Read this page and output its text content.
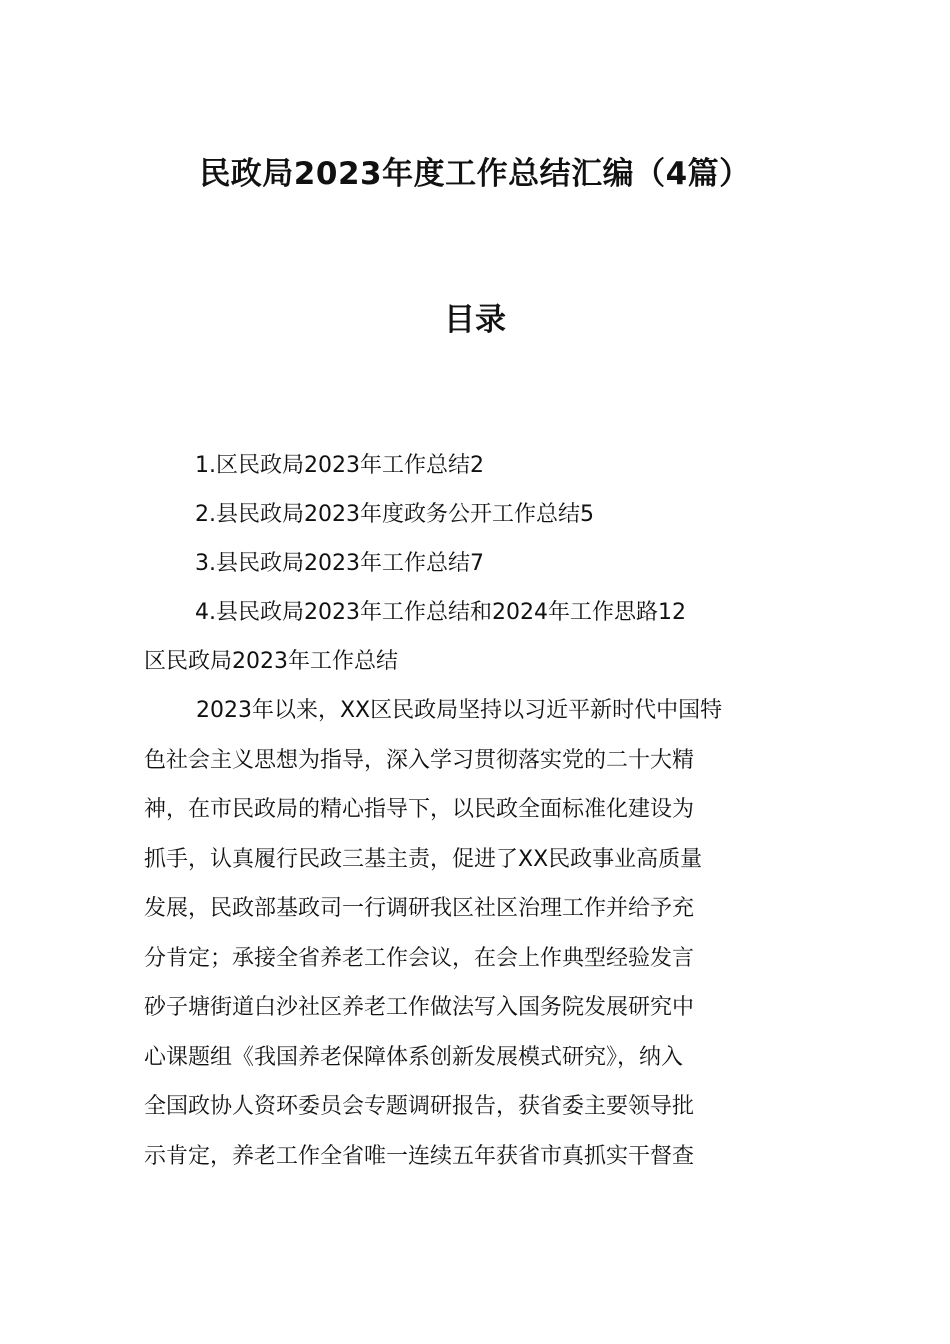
民政局2023年度工作总结汇编（4篇）
目录
1.区民政局2023年工作总结2
2.县民政局2023年度政务公开工作总结5
3.县民政局2023年工作总结7
4.县民政局2023年工作总结和2024年工作思路12
区民政局2023年工作总结
2023年以来，XX区民政局坚持以习近平新时代中国特
色社会主义思想为指导，深入学习贯彻落实党的二十大精
神，在市民政局的精心指导下，以民政全面标准化建设为
抓手，认真履行民政三基主责，促进了XX民政事业高质量
发展，民政部基政司一行调研我区社区治理工作并给予充
分肯定；承接全省养老工作会议，在会上作典型经验发言
砂子塘街道白沙社区养老工作做法写入国务院发展研究中
心课题组《我国养老保障体系创新发展模式研究》，纳入
全国政协人资环委员会专题调研报告，获省委主要领导批
示肯定，养老工作全省唯一连续五年获省市真抓实干督查
